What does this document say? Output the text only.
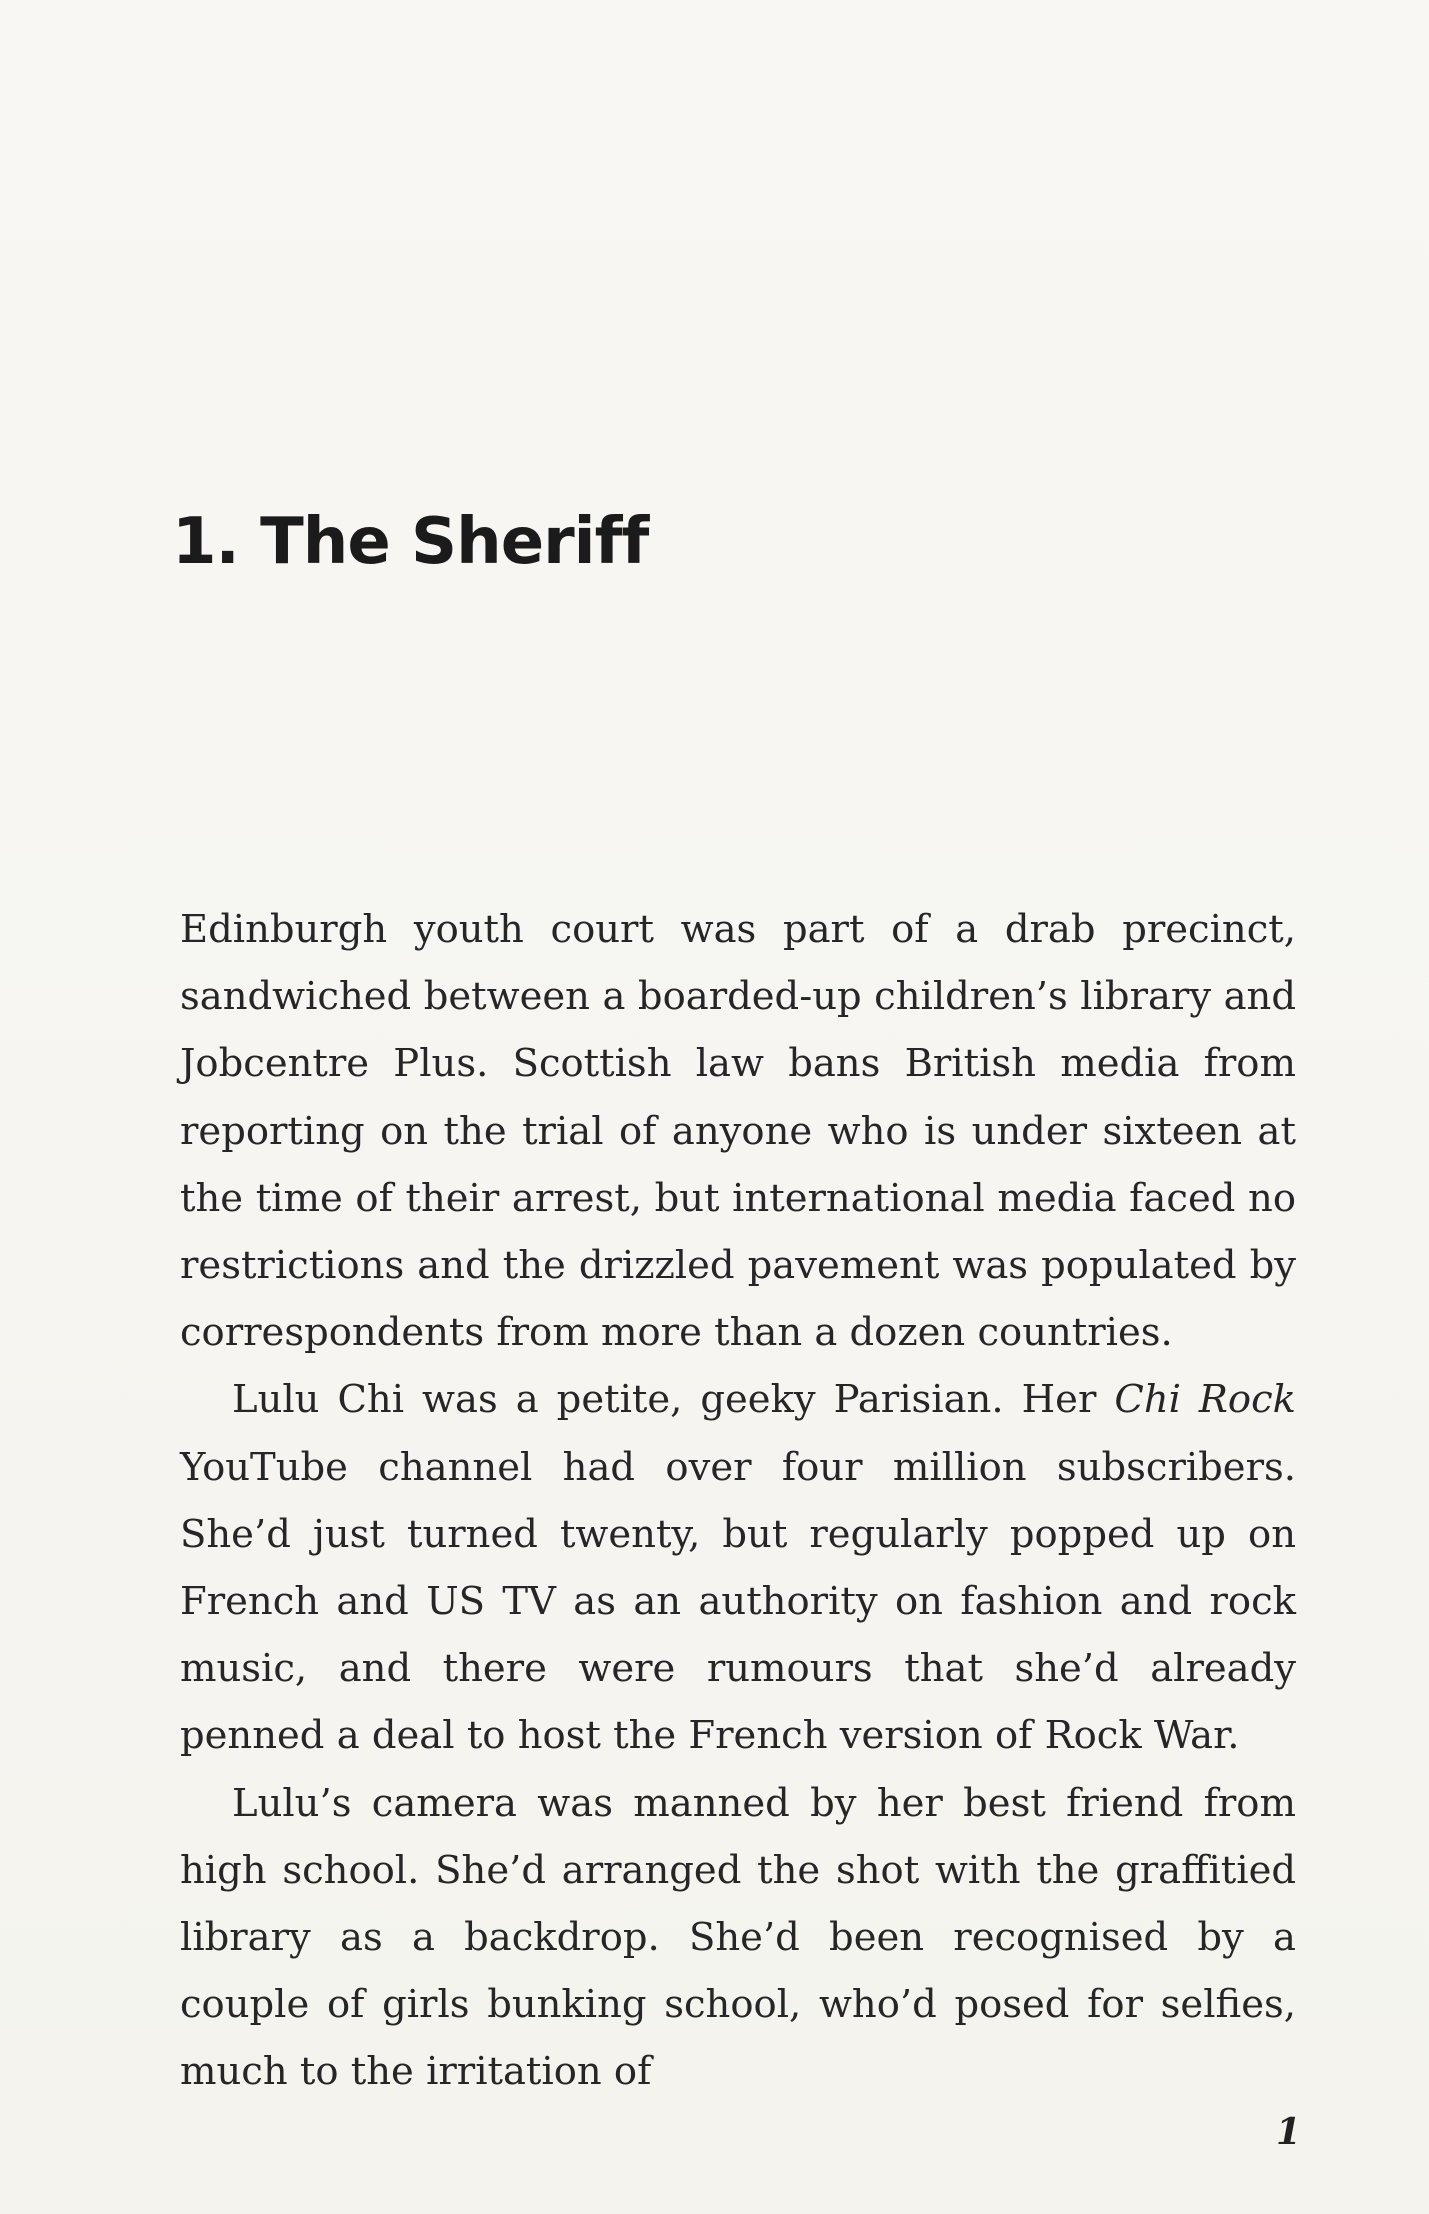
1. The Sheriff

Edinburgh youth court was part of a drab precinct, sandwiched between a boarded-up children’s library and Jobcentre Plus. Scottish law bans British media from reporting on the trial of anyone who is under sixteen at the time of their arrest, but international media faced no restrictions and the drizzled pavement was populated by correspondents from more than a dozen countries.

Lulu Chi was a petite, geeky Parisian. Her Chi Rock YouTube channel had over four million subscribers. She’d just turned twenty, but regularly popped up on French and US TV as an authority on fashion and rock music, and there were rumours that she’d already penned a deal to host the French version of Rock War.

Lulu’s camera was manned by her best friend from high school. She’d arranged the shot with the graffitied library as a backdrop. She’d been recognised by a couple of girls bunking school, who’d posed for selfies, much to the irritation of

1
